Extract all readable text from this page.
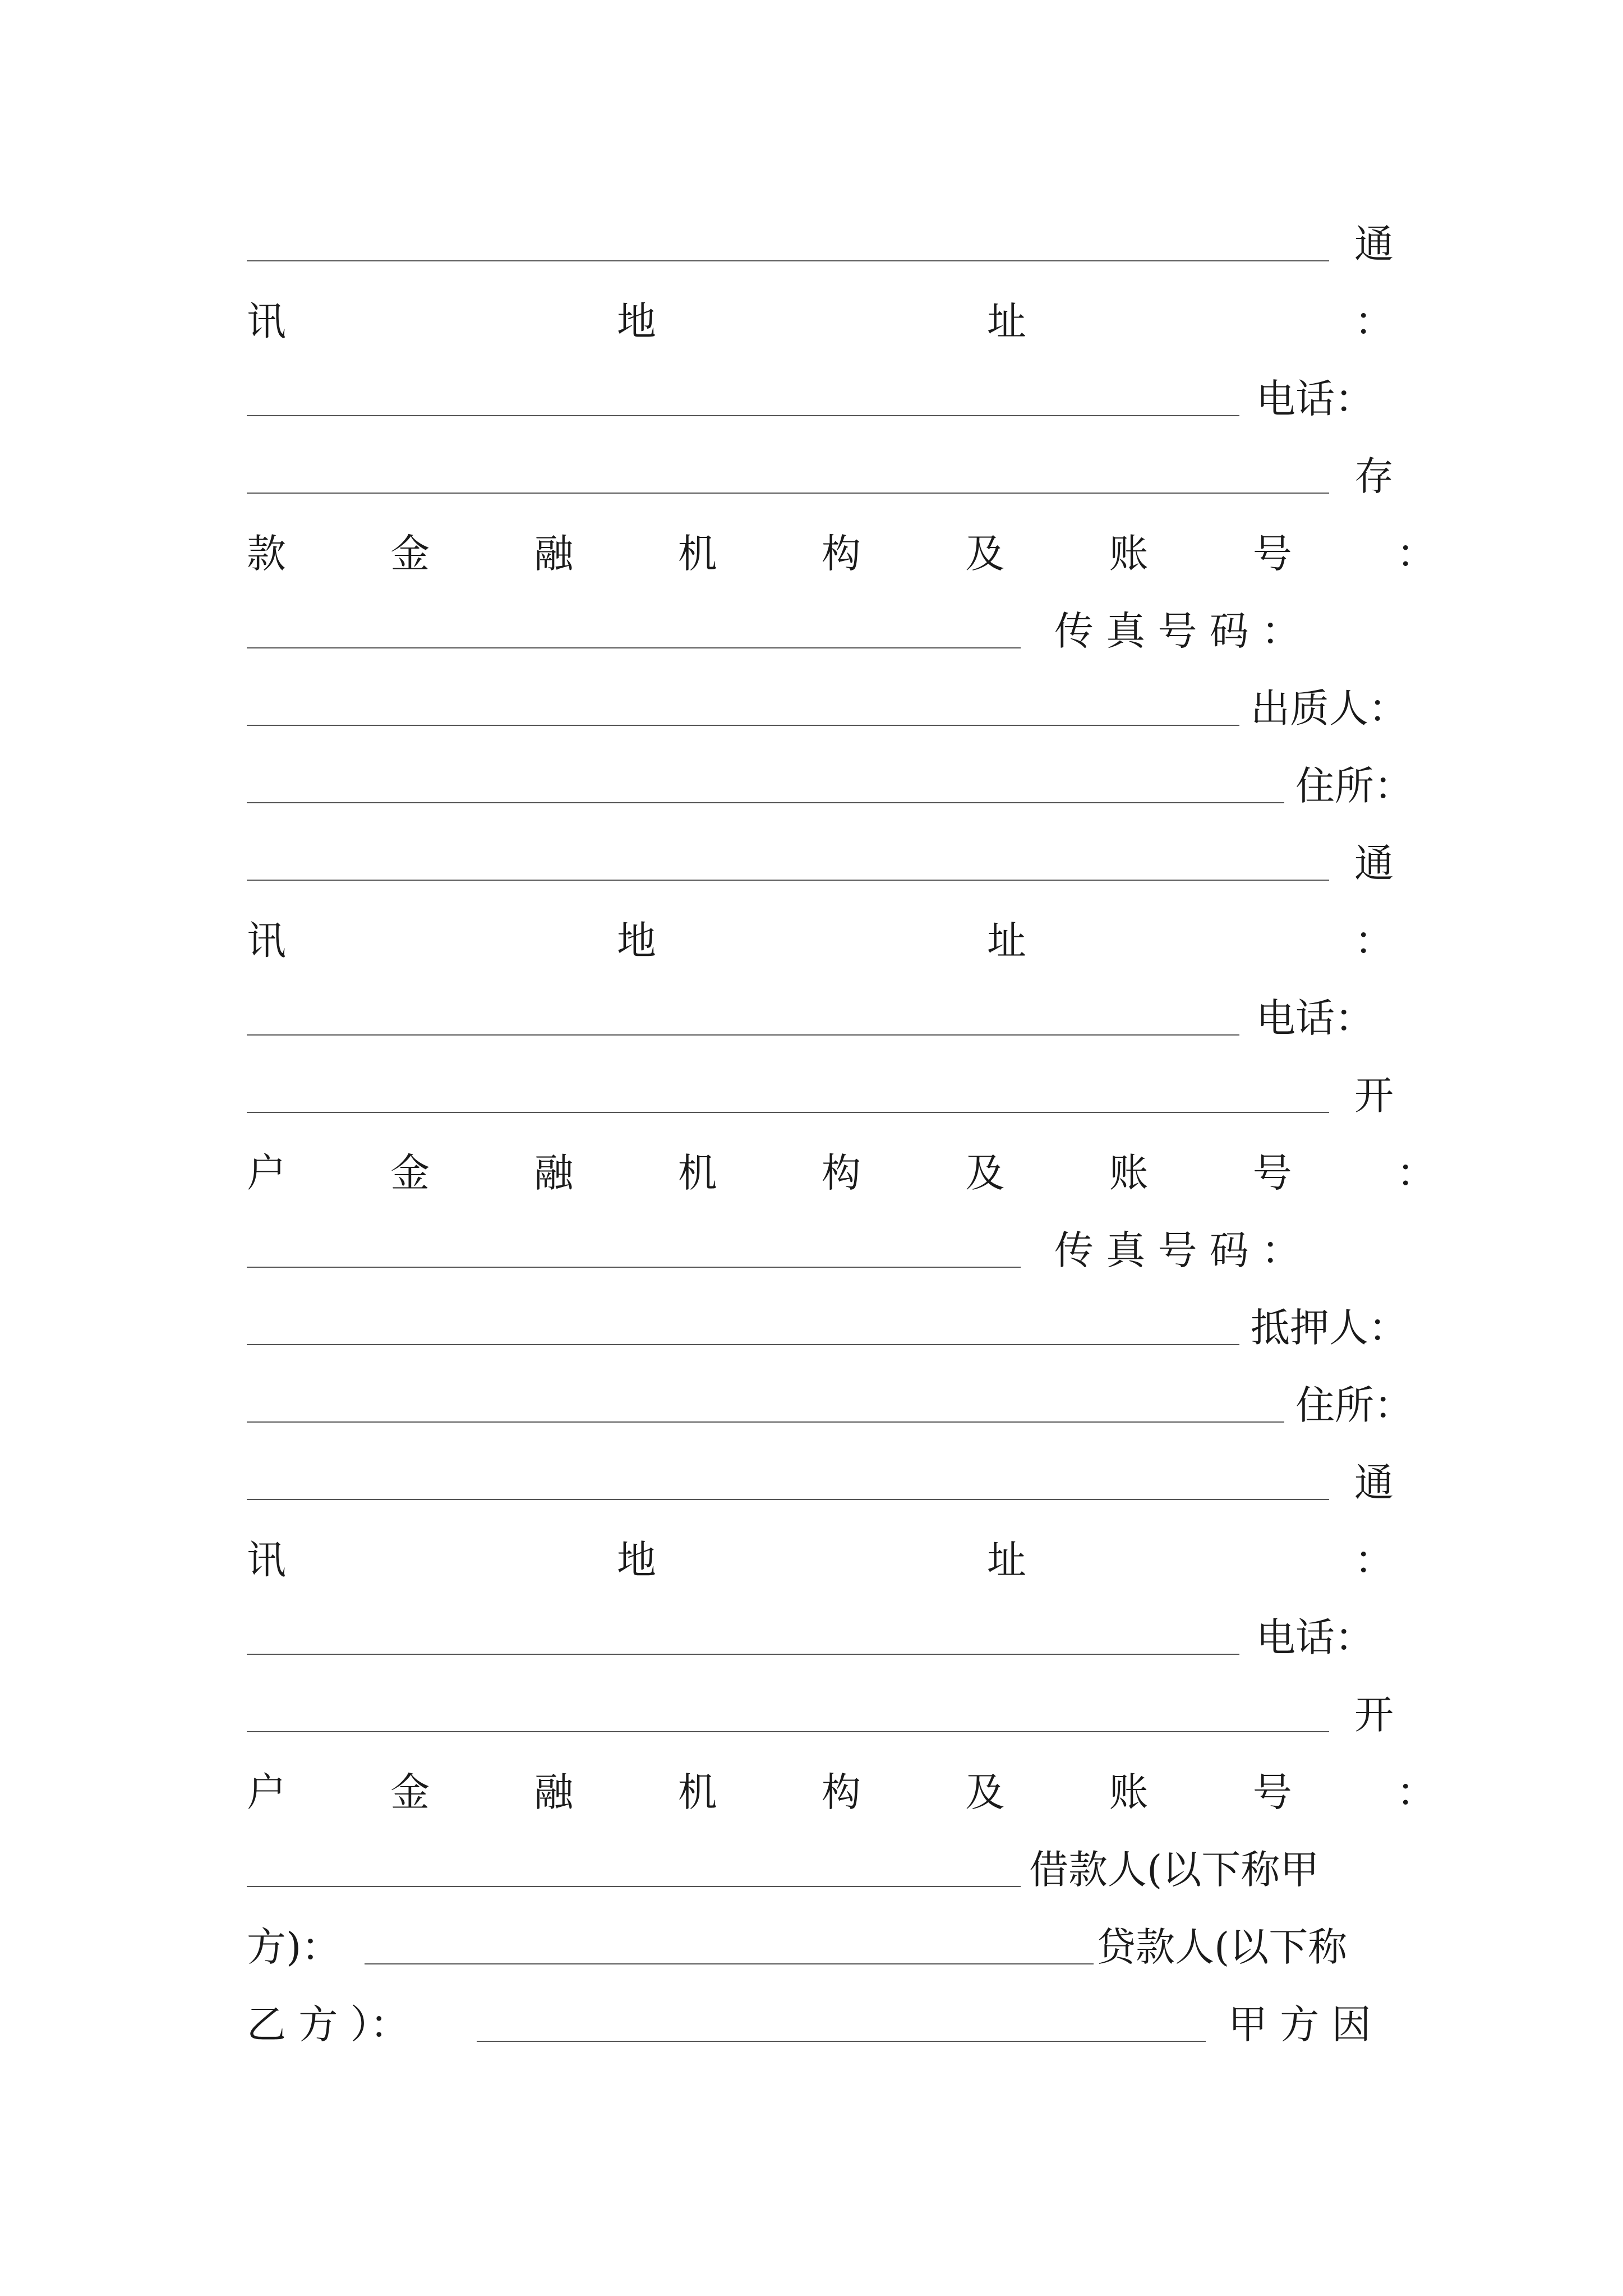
通
讯	地	址	：
电话：
存
款	金	融	机	构	及	账	号	：
传 真 号 码 ：
出质人：
住所：
通
讯	地	址	：
电话：
开
户	金	融	机	构	及	账	号	：
传 真 号 码 ：
抵押人：
住所：
通
讯	地	址	：
电话：
开
户	金	融	机	构	及	账	号	：
借款人(以下称甲
方)：	贷款人(以下称
乙 方 ）：	甲 方 因
